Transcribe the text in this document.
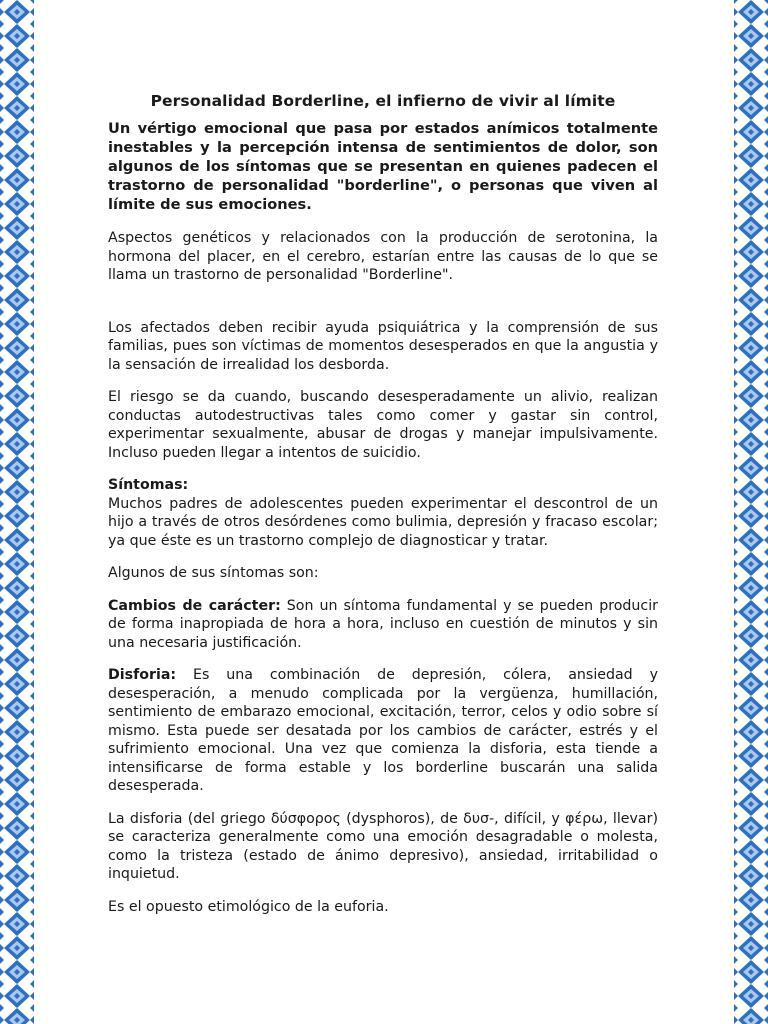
Personalidad Borderline, el infierno de vivir al límite
Un vértigo emocional que pasa por estados anímicos totalmente inestables y la percepción intensa de sentimientos de dolor, son algunos de los síntomas que se presentan en quienes padecen el trastorno de personalidad "borderline", o personas que viven al límite de sus emociones.
Aspectos genéticos y relacionados con la producción de serotonina, la hormona del placer, en el cerebro, estarían entre las causas de lo que se llama un trastorno de personalidad "Borderline".
Los afectados deben recibir ayuda psiquiátrica y la comprensión de sus familias, pues son víctimas de momentos desesperados en que la angustia y la sensación de irrealidad los desborda.
El riesgo se da cuando, buscando desesperadamente un alivio, realizan conductas autodestructivas tales como comer y gastar sin control, experimentar sexualmente, abusar de drogas y manejar impulsivamente. Incluso pueden llegar a intentos de suicidio.
Síntomas:
Muchos padres de adolescentes pueden experimentar el descontrol de un hijo a través de otros desórdenes como bulimia, depresión y fracaso escolar; ya que éste es un trastorno complejo de diagnosticar y tratar.
Algunos de sus síntomas son:
Cambios de carácter: Son un síntoma fundamental y se pueden producir de forma inapropiada de hora a hora, incluso en cuestión de minutos y sin una necesaria justificación.
Disforia: Es una combinación de depresión, cólera, ansiedad y desesperación, a menudo complicada por la vergüenza, humillación, sentimiento de embarazo emocional, excitación, terror, celos y odio sobre sí mismo. Esta puede ser desatada por los cambios de carácter, estrés y el sufrimiento emocional. Una vez que comienza la disforia, esta tiende a intensificarse de forma estable y los borderline buscarán una salida desesperada.
La disforia (del griego δύσφορος (dysphoros), de δυσ-, difícil, y φέρω, llevar) se caracteriza generalmente como una emoción desagradable o molesta, como la tristeza (estado de ánimo depresivo), ansiedad, irritabilidad o inquietud.
Es el opuesto etimológico de la euforia.
